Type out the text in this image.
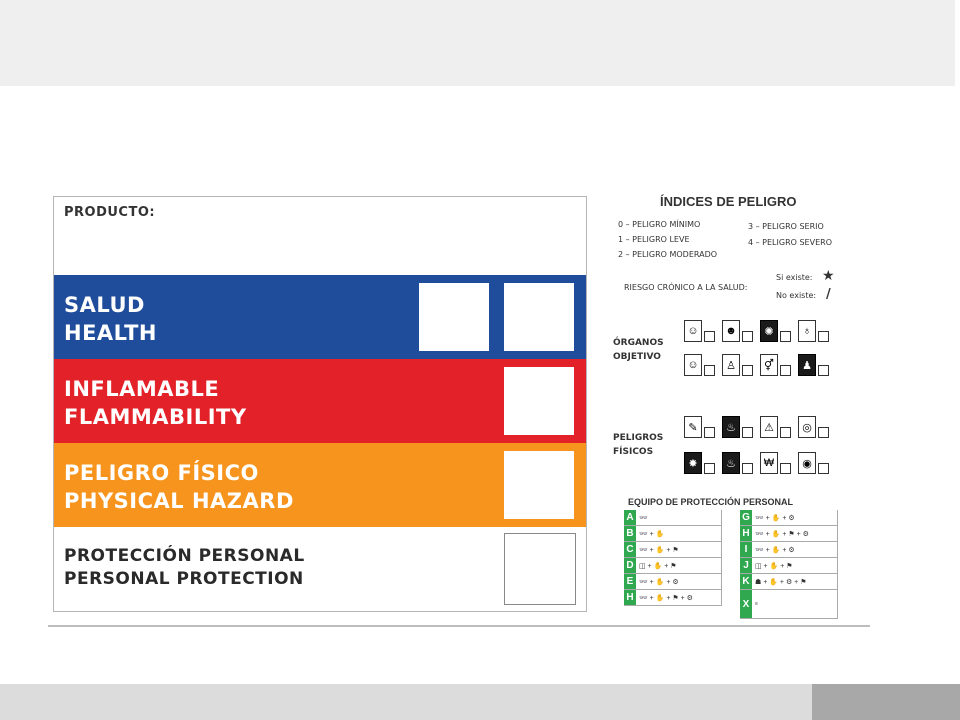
PRODUCTO:
SALUD
HEALTH
INFLAMABLE
FLAMMABILITY
PELIGRO FÍSICO
PHYSICAL HAZARD
PROTECCIÓN PERSONAL
PERSONAL PROTECTION
ÍNDICES DE PELIGRO
0 – PELIGRO MÍNIMO
1 – PELIGRO LEVE
2 – PELIGRO MODERADO
3 – PELIGRO SERIO
4 – PELIGRO SEVERO
RIESGO CRÓNICO A LA SALUD:
Si existe: ★
No existe: /
ÓRGANOS
OBJETIVO
☺	☻	✺	♁
☺	♙	⚥	♟
PELIGROS
FÍSICOS
✎	♨	⚠	◎
✸	♨	₩	◉
EQUIPO DE PROTECCIÓN PERSONAL
A 👓
B 👓 + ✋
C 👓 + ✋ + ⚑
D ◫ + ✋ + ⚑
E 👓 + ✋ + ⚙
H 👓 + ✋ + ⚑ + ⚙
G 👓 + ✋ + ⚙
H 👓 + ✋ + ⚑ + ⚙
I	👓 + ✋ + ⚙
J ◫ + ✋ + ⚑
K ☗ + ✋ + ⚙ + ⚑
X	≡
